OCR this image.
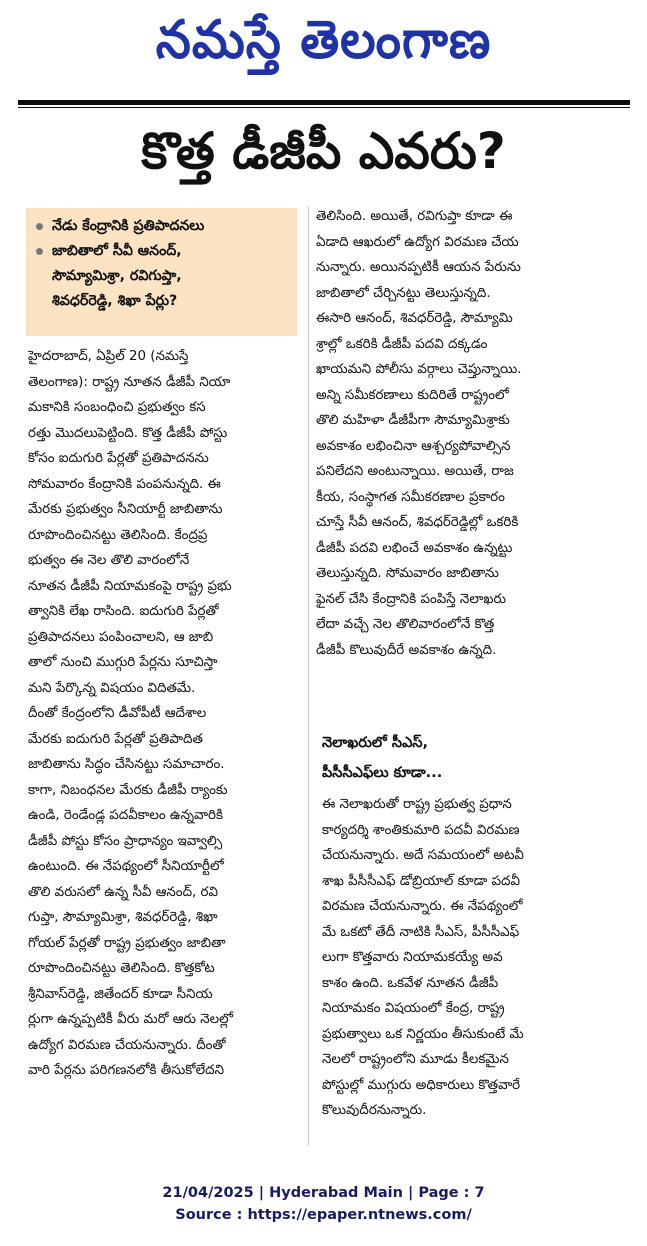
నమస్తే తెలంగాణ
కొత్త డీజీపీ ఎవరు?
నేడు కేంద్రానికి ప్రతిపాదనలు
జాబితాలో సీవీ ఆనంద్,
సౌమ్యామిశ్రా, రవిగుప్తా,
శివధర్‌రెడ్డి, శిఖా పేర్లు?
హైదరాబాద్, ఏప్రిల్ 20 (నమస్తే
తెలంగాణ): రాష్ట్ర నూతన డీజీపీ నియా
మకానికి సంబంధించి ప్రభుత్వం కస
రత్తు మొదలుపెట్టింది. కొత్త డీజీపీ పోస్టు
కోసం ఐదుగురి పేర్లతో ప్రతిపాదనను
సోమవారం కేంద్రానికి పంపనున్నది. ఈ
మేరకు ప్రభుత్వం సీనియార్టీ జాబితాను
రూపొందించినట్టు తెలిసింది. కేంద్రప్ర
భుత్వం ఈ నెల తొలి వారంలోనే
నూతన డీజీపీ నియామకంపై రాష్ట్ర ప్రభు
త్వానికి లేఖ రాసింది. ఐదుగురి పేర్లతో
ప్రతిపాదనలు పంపించాలని, ఆ జాబి
తాలో నుంచి ముగ్గురి పేర్లను సూచిస్తా
మని పేర్కొన్న విషయం విదితమే.
దీంతో కేంద్రంలోని డీవోపీటీ ఆదేశాల
మేరకు ఐదుగురి పేర్లతో ప్రతిపాదిత
జాబితాను సిద్ధం చేసినట్టు సమాచారం.
కాగా, నిబంధనల మేరకు డీజీపీ ర్యాంకు
ఉండి, రెండేండ్ల పదవీకాలం ఉన్నవారికి
డీజీపీ పోస్టు కోసం ప్రాధాన్యం ఇవ్వాల్సి
ఉంటుంది. ఈ నేపథ్యంలో సీనియార్టీలో
తొలి వరుసలో ఉన్న సీవీ ఆనంద్, రవి
గుప్తా, సౌమ్యామిశ్రా, శివధర్‌రెడ్డి, శిఖా
గోయల్ పేర్లతో రాష్ట్ర ప్రభుత్వం జాబితా
రూపొందించినట్టు తెలిసింది. కొత్తకోట
శ్రీనివాస్‌రెడ్డి, జితేందర్ కూడా సీనియ
ర్లుగా ఉన్నప్పటికీ వీరు మరో ఆరు నెలల్లో
ఉద్యోగ విరమణ చేయనున్నారు. దీంతో
వారి పేర్లను పరిగణనలోకి తీసుకోలేదని
తెలిసింది. అయితే, రవిగుప్తా కూడా ఈ
ఏడాది ఆఖరులో ఉద్యోగ విరమణ చేయ
నున్నారు. అయినప్పటికీ ఆయన పేరును
జాబితాలో చేర్చినట్టు తెలుస్తున్నది.
ఈసారి ఆనంద్, శివధర్‌రెడ్డి, సౌమ్యామి
శ్రాల్లో ఒకరికి డీజీపీ పదవి దక్కడం
ఖాయమని పోలీసు వర్గాలు చెప్తున్నాయి.
అన్ని సమీకరణాలు కుదిరితే రాష్ట్రంలో
తొలి మహిళా డీజీపీగా సౌమ్యామిశ్రాకు
అవకాశం లభించినా ఆశ్చర్యపోవాల్సిన
పనిలేదని అంటున్నాయి. అయితే, రాజ
కీయ, సంస్థాగత సమీకరణాల ప్రకారం
చూస్తే సీవీ ఆనంద్, శివధర్‌రెడ్డిల్లో ఒకరికి
డీజీపీ పదవి లభించే అవకాశం ఉన్నట్టు
తెలుస్తున్నది. సోమవారం జాబితాను
ఫైనల్ చేసి కేంద్రానికి పంపిస్తే నెలాఖరు
లేదా వచ్చే నెల తొలివారంలోనే కొత్త
డీజీపీ కొలువుదీరే అవకాశం ఉన్నది.
నెలాఖరులో సీఎస్,
పీసీసీఎఫ్‌లు కూడా...
ఈ నెలాఖరుతో రాష్ట్ర ప్రభుత్వ ప్రధాన
కార్యదర్శి శాంతికుమారి పదవీ విరమణ
చేయనున్నారు. అదే సమయంలో అటవీ
శాఖ పీసీసీఎఫ్ డోబ్రియాల్ కూడా పదవీ
విరమణ చేయనున్నారు. ఈ నేపథ్యంలో
మే ఒకటో తేదీ నాటికి సీఎస్, పీసీసీఎఫ్
లుగా కొత్తవారు నియామకయ్యే అవ
కాశం ఉంది. ఒకవేళ నూతన డీజీపీ
నియామకం విషయంలో కేంద్ర, రాష్ట్ర
ప్రభుత్వాలు ఒక నిర్ణయం తీసుకుంటే మే
నెలలో రాష్ట్రంలోని మూడు కీలకమైన
పోస్టుల్లో ముగ్గురు అధికారులు కొత్తవారే
కొలువుదీరనున్నారు.
21/04/2025 | Hyderabad Main | Page : 7
Source : https://epaper.ntnews.com/
